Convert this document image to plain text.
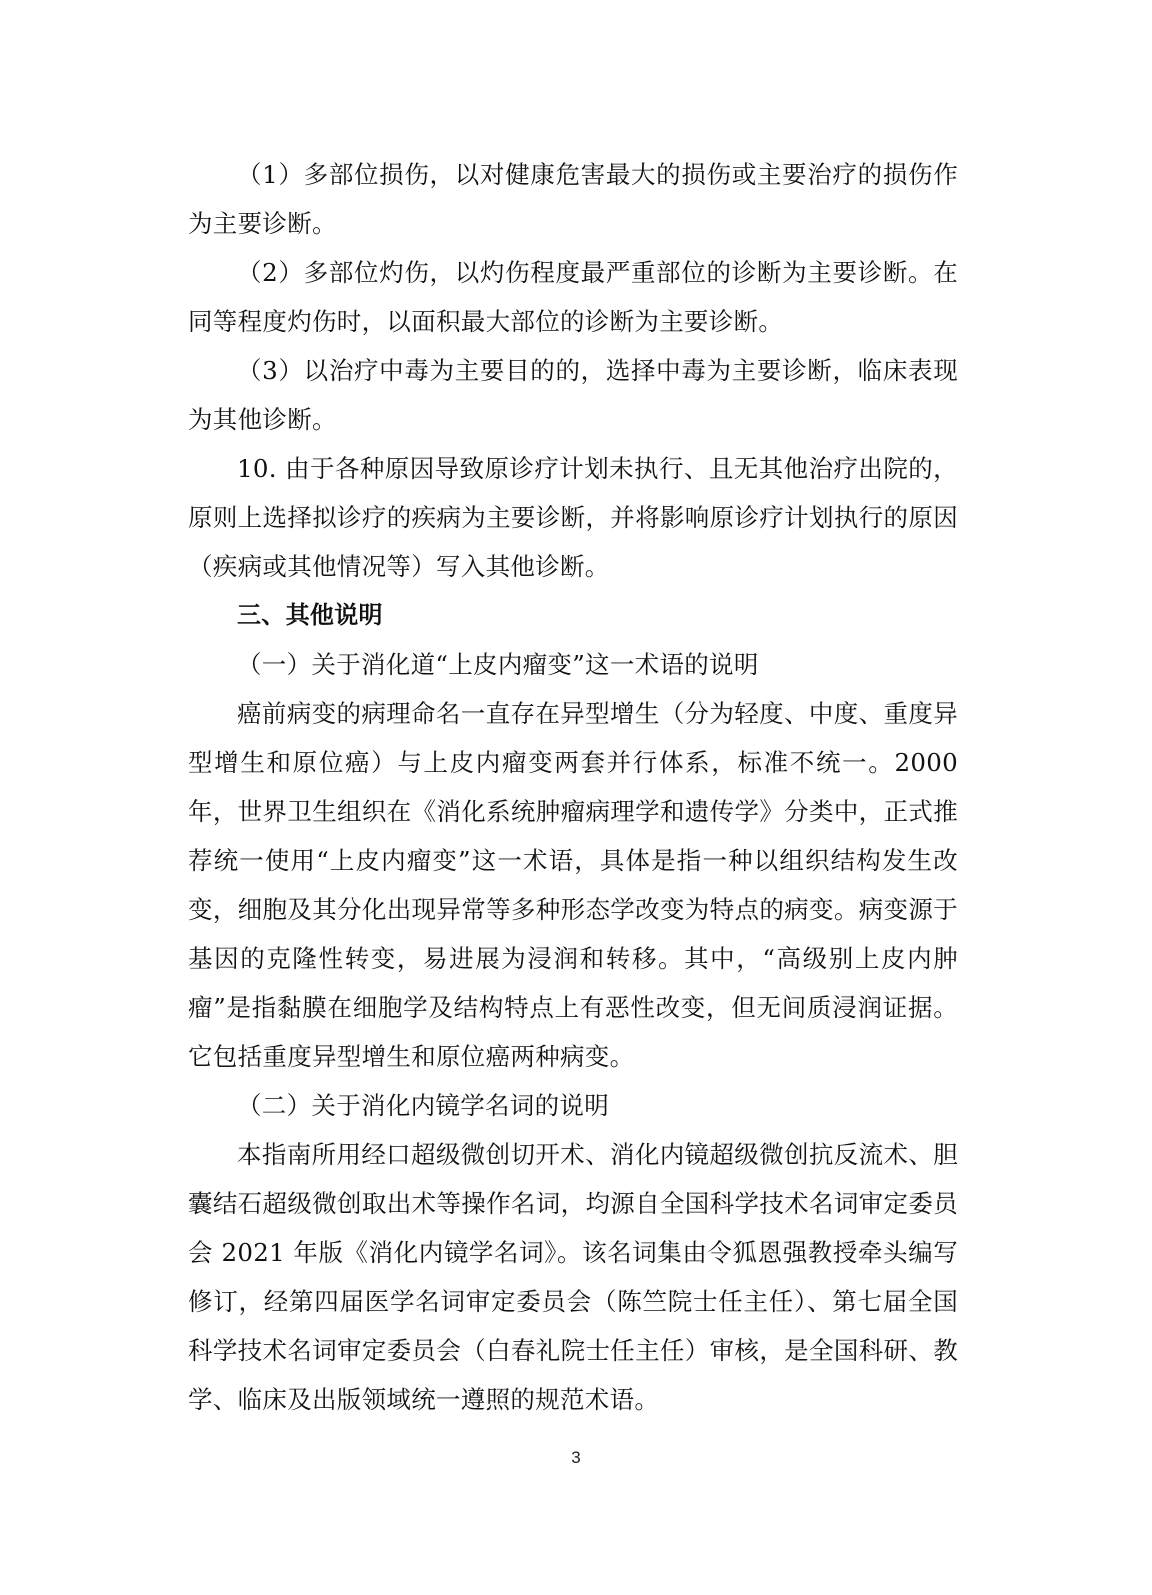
（1）多部位损伤，以对健康危害最大的损伤或主要治疗的损伤作为主要诊断。

（2）多部位灼伤，以灼伤程度最严重部位的诊断为主要诊断。在同等程度灼伤时，以面积最大部位的诊断为主要诊断。

（3）以治疗中毒为主要目的的，选择中毒为主要诊断，临床表现为其他诊断。

10. 由于各种原因导致原诊疗计划未执行、且无其他治疗出院的，原则上选择拟诊疗的疾病为主要诊断，并将影响原诊疗计划执行的原因（疾病或其他情况等）写入其他诊断。

三、其他说明

（一）关于消化道“上皮内瘤变”这一术语的说明

癌前病变的病理命名一直存在异型增生（分为轻度、中度、重度异型增生和原位癌）与上皮内瘤变两套并行体系，标准不统一。2000 年，世界卫生组织在《消化系统肿瘤病理学和遗传学》分类中，正式推荐统一使用“上皮内瘤变”这一术语，具体是指一种以组织结构发生改变，细胞及其分化出现异常等多种形态学改变为特点的病变。病变源于基因的克隆性转变，易进展为浸润和转移。其中，“高级别上皮内肿瘤”是指黏膜在细胞学及结构特点上有恶性改变，但无间质浸润证据。它包括重度异型增生和原位癌两种病变。

（二）关于消化内镜学名词的说明

本指南所用经口超级微创切开术、消化内镜超级微创抗反流术、胆囊结石超级微创取出术等操作名词，均源自全国科学技术名词审定委员会 2021 年版《消化内镜学名词》。该名词集由令狐恩强教授牵头编写修订，经第四届医学名词审定委员会（陈竺院士任主任）、第七届全国科学技术名词审定委员会（白春礼院士任主任）审核，是全国科研、教学、临床及出版领域统一遵照的规范术语。

3
